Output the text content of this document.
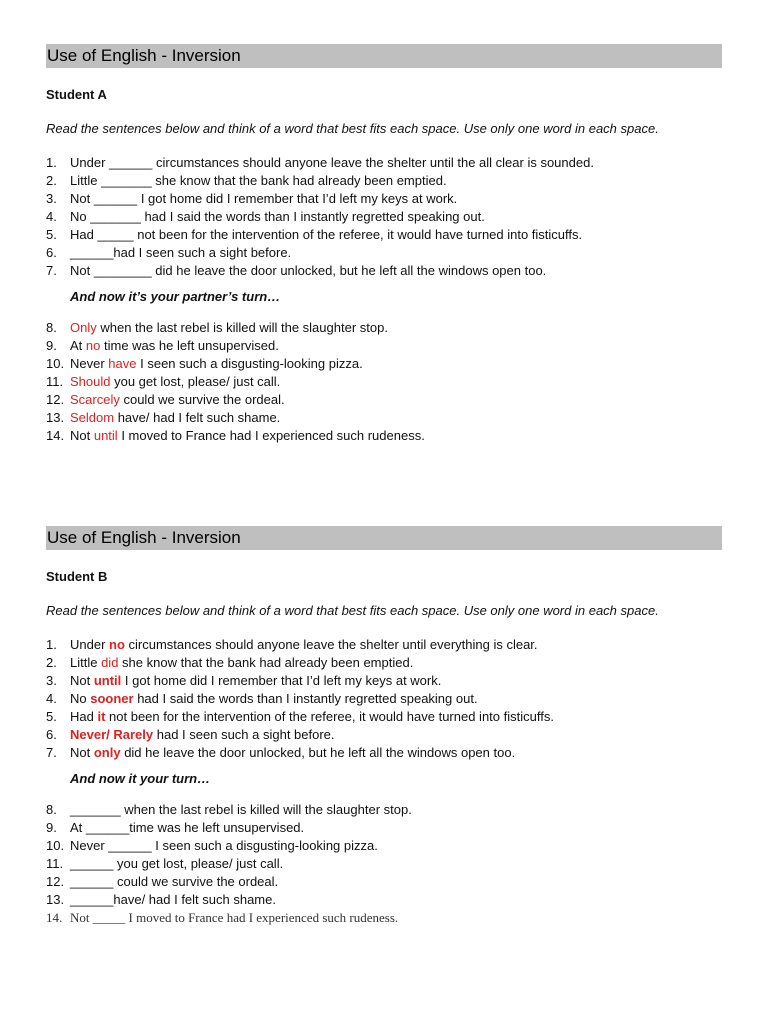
Use of English - Inversion
Student A
Read the sentences below and think of a word that best fits each space. Use only one word in each space.
1. Under ______ circumstances should anyone leave the shelter until the all clear is sounded.
2. Little _______ she know that the bank had already been emptied.
3. Not ______ I got home did I remember that I’d left my keys at work.
4. No _______ had I said the words than I instantly regretted speaking out.
5. Had _____ not been for the intervention of the referee, it would have turned into fisticuffs.
6. ______had I seen such a sight before.
7. Not ________ did he leave the door unlocked, but he left all the windows open too.
And now it’s your partner’s turn…
8. Only when the last rebel is killed will the slaughter stop.
9. At no time was he left unsupervised.
10. Never have I seen such a disgusting-looking pizza.
11. Should you get lost, please/ just call.
12. Scarcely could we survive the ordeal.
13. Seldom have/ had I felt such shame.
14. Not until I moved to France had I experienced such rudeness.
Use of English - Inversion
Student B
Read the sentences below and think of a word that best fits each space. Use only one word in each space.
1. Under no circumstances should anyone leave the shelter until everything is clear.
2. Little did she know that the bank had already been emptied.
3. Not until I got home did I remember that I’d left my keys at work.
4. No sooner had I said the words than I instantly regretted speaking out.
5. Had it not been for the intervention of the referee, it would have turned into fisticuffs.
6. Never/ Rarely had I seen such a sight before.
7. Not only did he leave the door unlocked, but he left all the windows open too.
And now it your turn…
8. _______ when the last rebel is killed will the slaughter stop.
9. At ______time was he left unsupervised.
10. Never ______ I seen such a disgusting-looking pizza.
11. ______ you get lost, please/ just call.
12. ______ could we survive the ordeal.
13. ______have/ had I felt such shame.
14. Not _____ I moved to France had I experienced such rudeness.
